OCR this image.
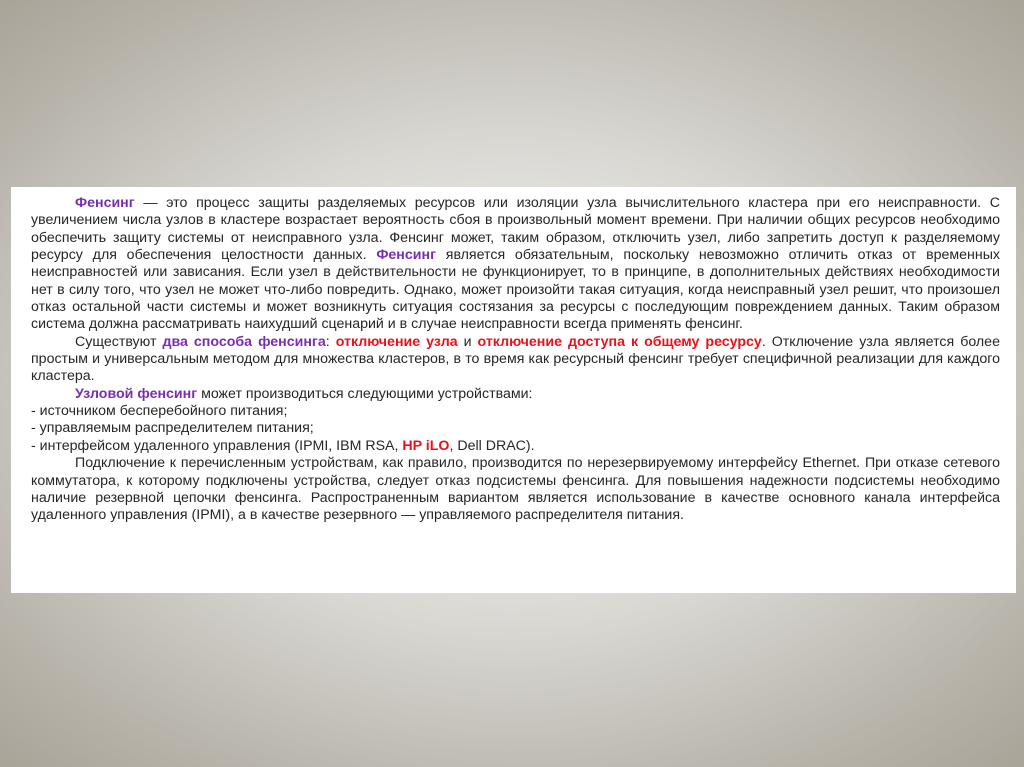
Фенсинг — это процесс защиты разделяемых ресурсов или изоляции узла вычислительного кластера при его неисправности. С увеличением числа узлов в кластере возрастает вероятность сбоя в произвольный момент времени. При наличии общих ресурсов необходимо обеспечить защиту системы от неисправного узла. Фенсинг может, таким образом, отключить узел, либо запретить доступ к разделяемому ресурсу для обеспечения целостности данных. Фенсинг является обязательным, поскольку невозможно отличить отказ от временных неисправностей или зависания. Если узел в действительности не функционирует, то в принципе, в дополнительных действиях необходимости нет в силу того, что узел не может что-либо повредить. Однако, может произойти такая ситуация, когда неисправный узел решит, что произошел отказ остальной части системы и может возникнуть ситуация состязания за ресурсы с последующим повреждением данных. Таким образом система должна рассматривать наихудший сценарий и в случае неисправности всегда применять фенсинг.

Существуют два способа фенсинга: отключение узла и отключение доступа к общему ресурсу. Отключение узла является более простым и универсальным методом для множества кластеров, в то время как ресурсный фенсинг требует специфичной реализации для каждого кластера.

Узловой фенсинг может производиться следующими устройствами:

- источником бесперебойного питания;

- управляемым распределителем питания;

- интерфейсом удаленного управления (IPMI, IBM RSA, HP iLO, Dell DRAC).

Подключение к перечисленным устройствам, как правило, производится по нерезервируемому интерфейсу Ethernet. При отказе сетевого коммутатора, к которому подключены устройства, следует отказ подсистемы фенсинга. Для повышения надежности подсистемы необходимо наличие резервной цепочки фенсинга. Распространенным вариантом является использование в качестве основного канала интерфейса удаленного управления (IPMI), а в качестве резервного — управляемого распределителя питания.
